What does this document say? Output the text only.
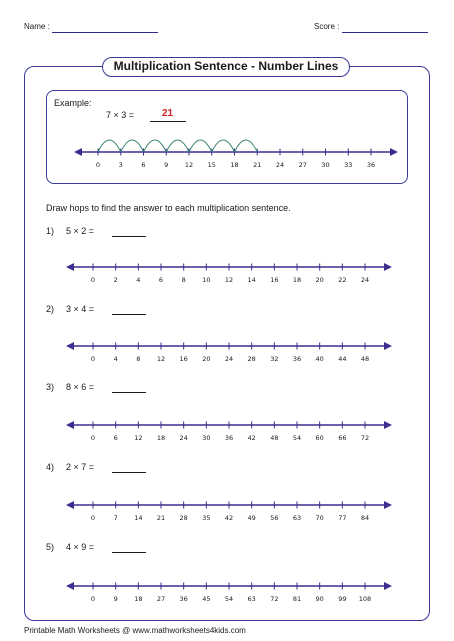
Name :	Score :
Multiplication Sentence - Number Lines
Example:
7 × 3 =	21
0	3	6	9	12 15 18 21 24 27 30 33 36
0	2	4	6	8	10 12 14 16 18 20 22 24
0	4	8	12 16 20 24 28 32 36 40 44 48
0	6	12 18 24 30 36 42 48 54 60 66 72
0	7	14 21 28 35 42 49 56 63 70 77 84
0	9	18 27 36 45 54 63 72 81 90 99 108
Draw hops to find the answer to each multiplication sentence.
1) 5 × 2 =
2) 3 × 4 =
3) 8 × 6 =
4) 2 × 7 =
5) 4 × 9 =
Printable Math Worksheets @ www.mathworksheets4kids.com
